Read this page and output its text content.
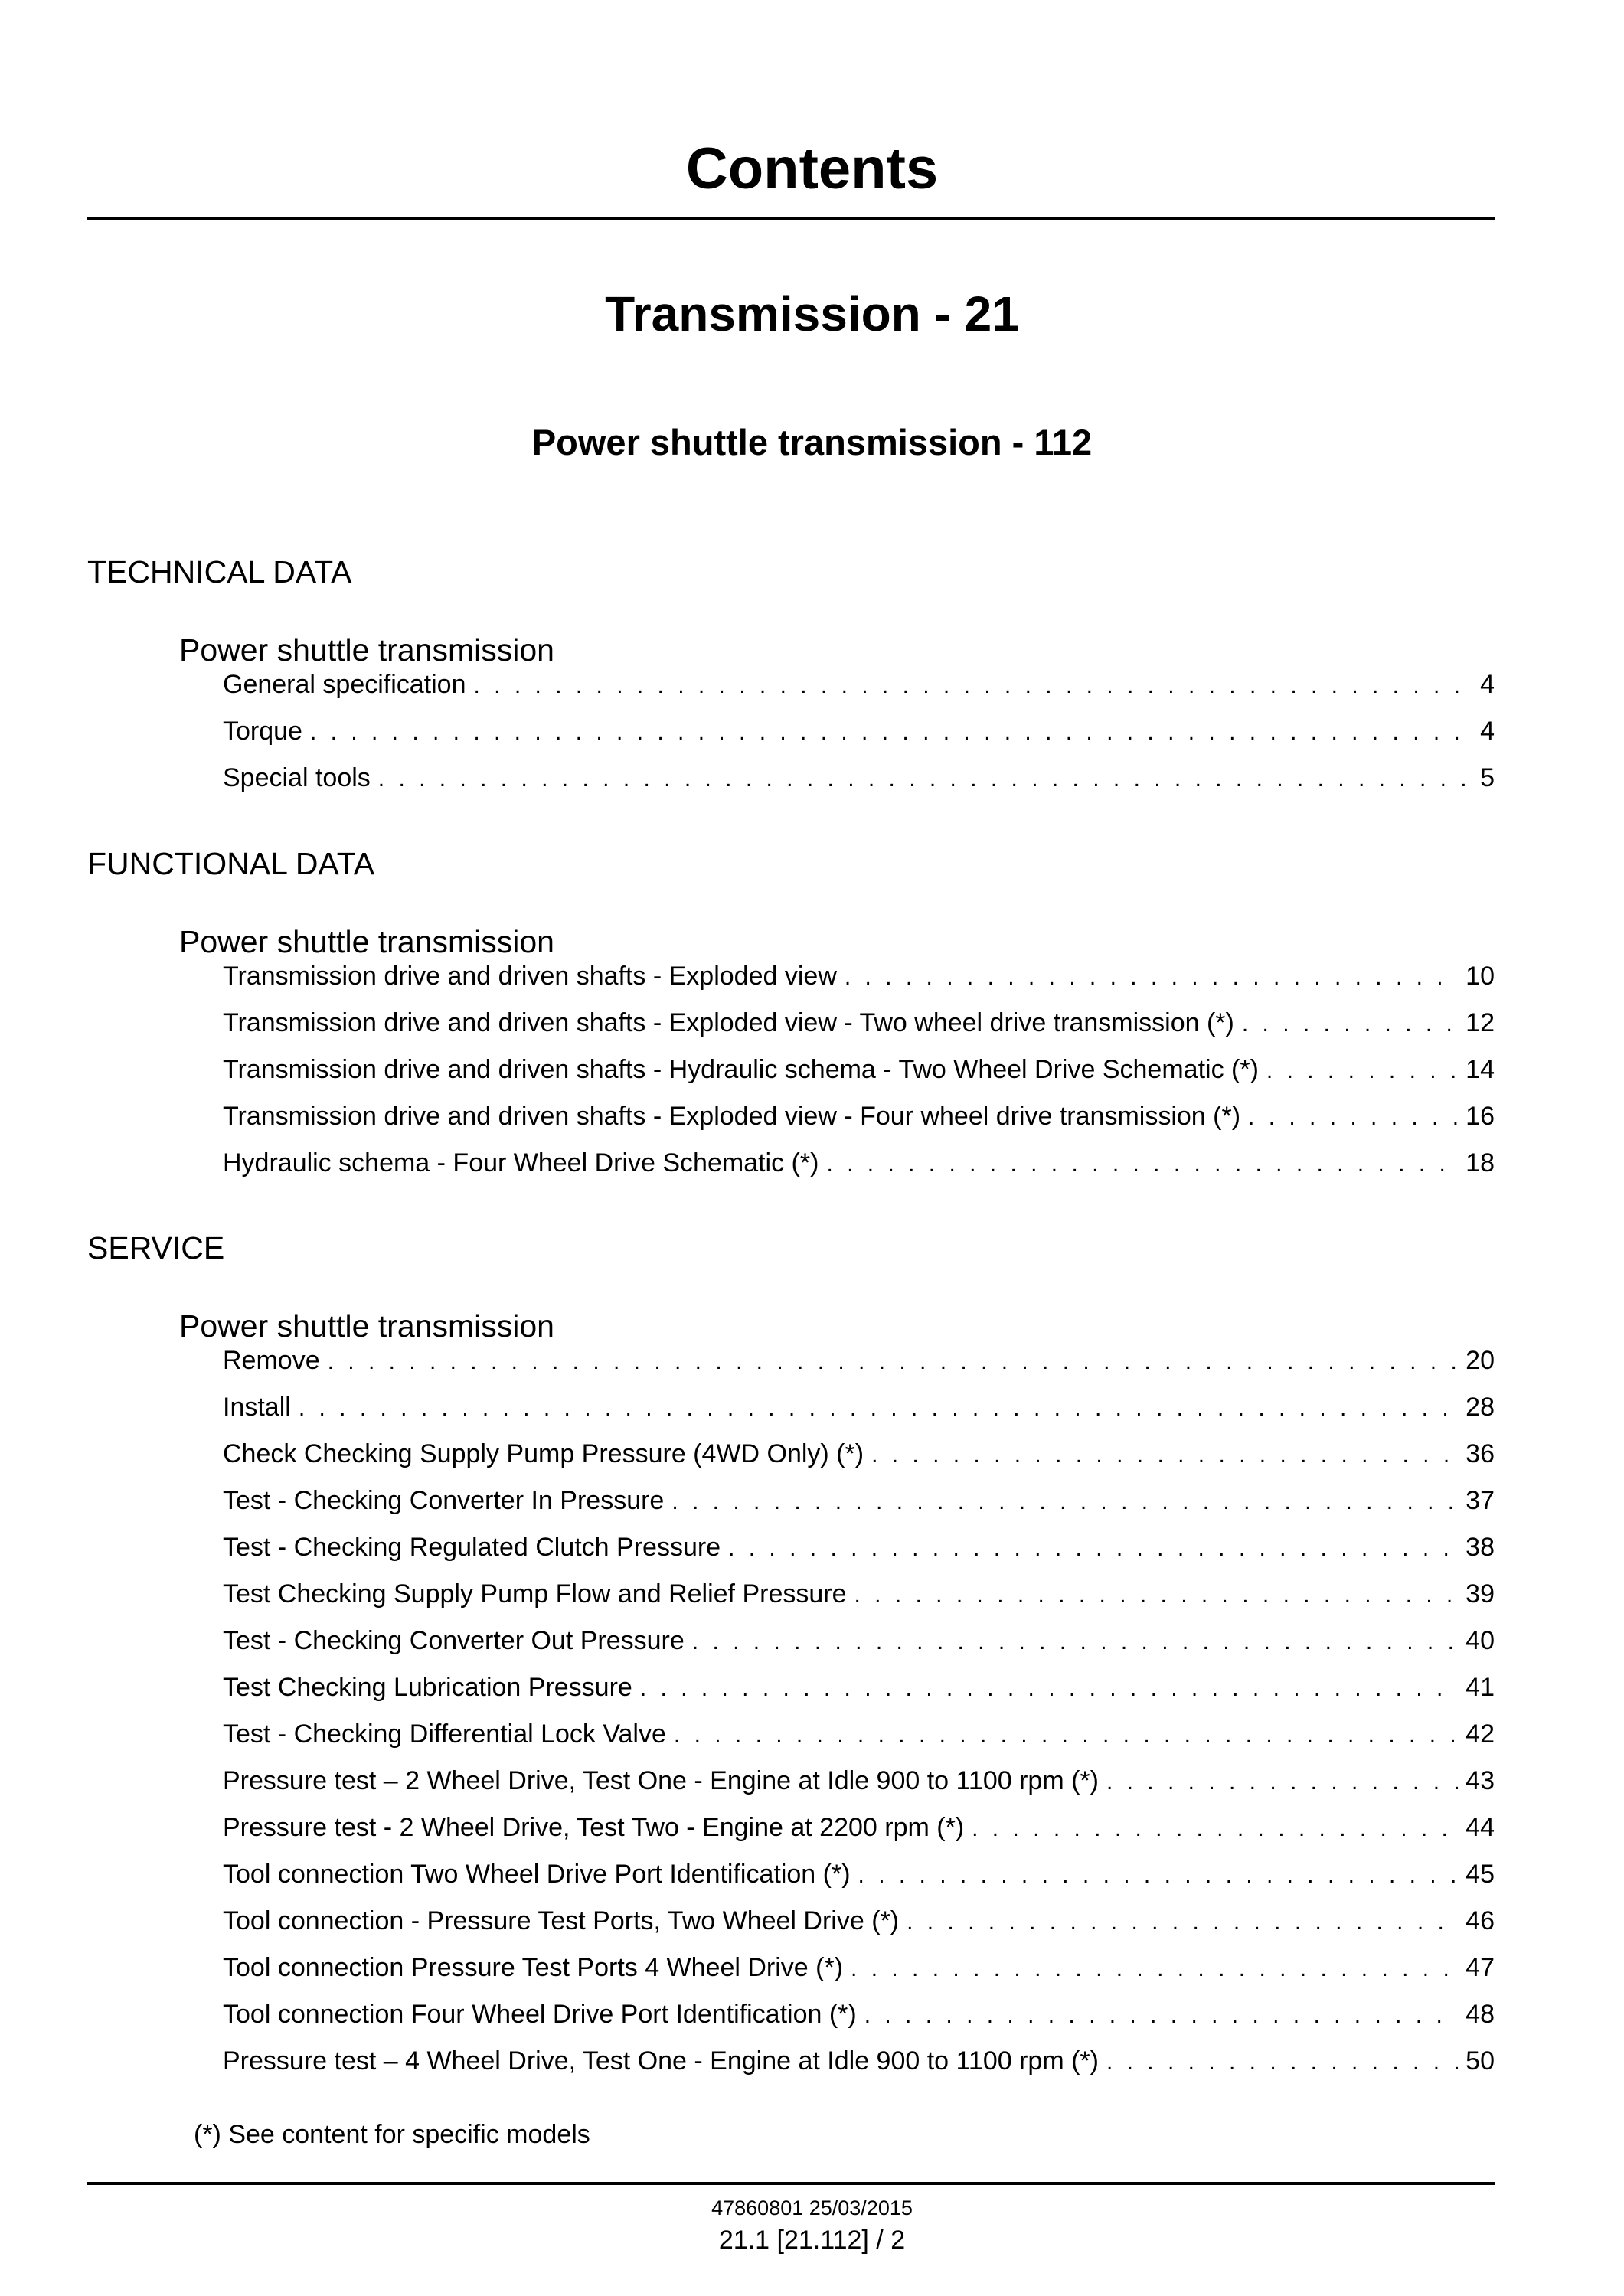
Contents
Transmission - 21
Power shuttle transmission - 112
TECHNICAL DATA
Power shuttle transmission
General specification . . .	4
Torque . . .	4
Special tools . . .	5
FUNCTIONAL DATA
Power shuttle transmission
Transmission drive and driven shafts - Exploded view . . .	10
Transmission drive and driven shafts - Exploded view - Two wheel drive transmission (*) . . .	12
Transmission drive and driven shafts - Hydraulic schema - Two Wheel Drive Schematic (*) . . .	14
Transmission drive and driven shafts - Exploded view - Four wheel drive transmission (*) . . .	16
Hydraulic schema - Four Wheel Drive Schematic (*) . . .	18
SERVICE
Power shuttle transmission
Remove . . .	20
Install . . .	28
Check Checking Supply Pump Pressure (4WD Only) (*) . . .	36
Test - Checking Converter In Pressure . . .	37
Test - Checking Regulated Clutch Pressure . . .	38
Test Checking Supply Pump Flow and Relief Pressure . . .	39
Test - Checking Converter Out Pressure . . .	40
Test Checking Lubrication Pressure . . .	41
Test - Checking Differential Lock Valve . . .	42
Pressure test – 2 Wheel Drive, Test One - Engine at Idle 900 to 1100 rpm (*) . . .	43
Pressure test - 2 Wheel Drive, Test Two - Engine at 2200 rpm (*) . . .	44
Tool connection Two Wheel Drive Port Identification (*) . . .	45
Tool connection - Pressure Test Ports, Two Wheel Drive (*) . . .	46
Tool connection Pressure Test Ports 4 Wheel Drive (*) . . .	47
Tool connection Four Wheel Drive Port Identification (*) . . .	48
Pressure test – 4 Wheel Drive, Test One - Engine at Idle 900 to 1100 rpm (*) . . .	50
(*) See content for specific models
47860801 25/03/2015
21.1 [21.112] / 2
